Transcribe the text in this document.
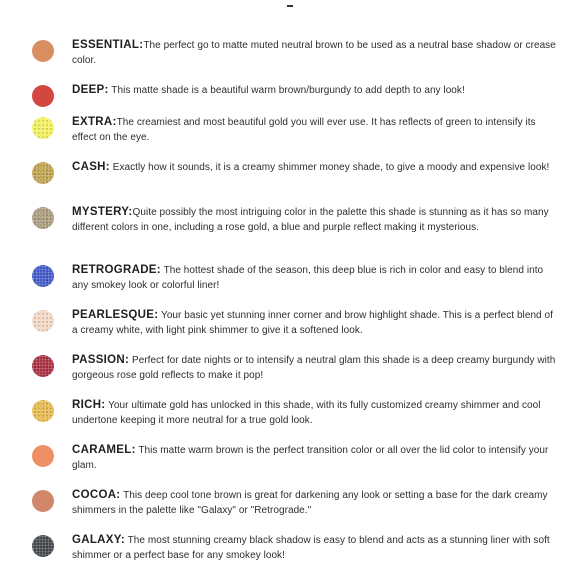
ESSENTIAL:The perfect go to matte muted neutral brown to be used as a neutral base shadow or crease color.
DEEP: This matte shade is a beautiful warm brown/burgundy to add depth to any look!
EXTRA:The creamiest and most beautiful gold you will ever use. It has reflects of green to intensify its effect on the eye.
CASH: Exactly how it sounds, it is a creamy shimmer money shade, to give a moody and expensive look!
MYSTERY:Quite possibly the most intriguing color in the palette this shade is stunning as it has so many different colors in one, including a rose gold, a blue and purple reflect making it mysterious.
RETROGRADE: The hottest shade of the season, this deep blue is rich in color and easy to blend into any smokey look or colorful liner!
PEARLESQUE: Your basic yet stunning inner corner and brow highlight shade. This is a perfect blend of a creamy white, with light pink shimmer to give it a softened look.
PASSION: Perfect for date nights or to intensify a neutral glam this shade is a deep creamy burgundy with gorgeous rose gold reflects to make it pop!
RICH: Your ultimate gold has unlocked in this shade, with its fully customized creamy shimmer and cool undertone keeping it more neutral for a true gold look.
CARAMEL: This matte warm brown is the perfect transition color or all over the lid color to intensify your glam.
COCOA: This deep cool tone brown is great for darkening any look or setting a base for the dark creamy shimmers in the palette like "Galaxy" or "Retrograde."
GALAXY: The most stunning creamy black shadow is easy to blend and acts as a stunning liner with soft shimmer or a perfect base for any smokey look!
